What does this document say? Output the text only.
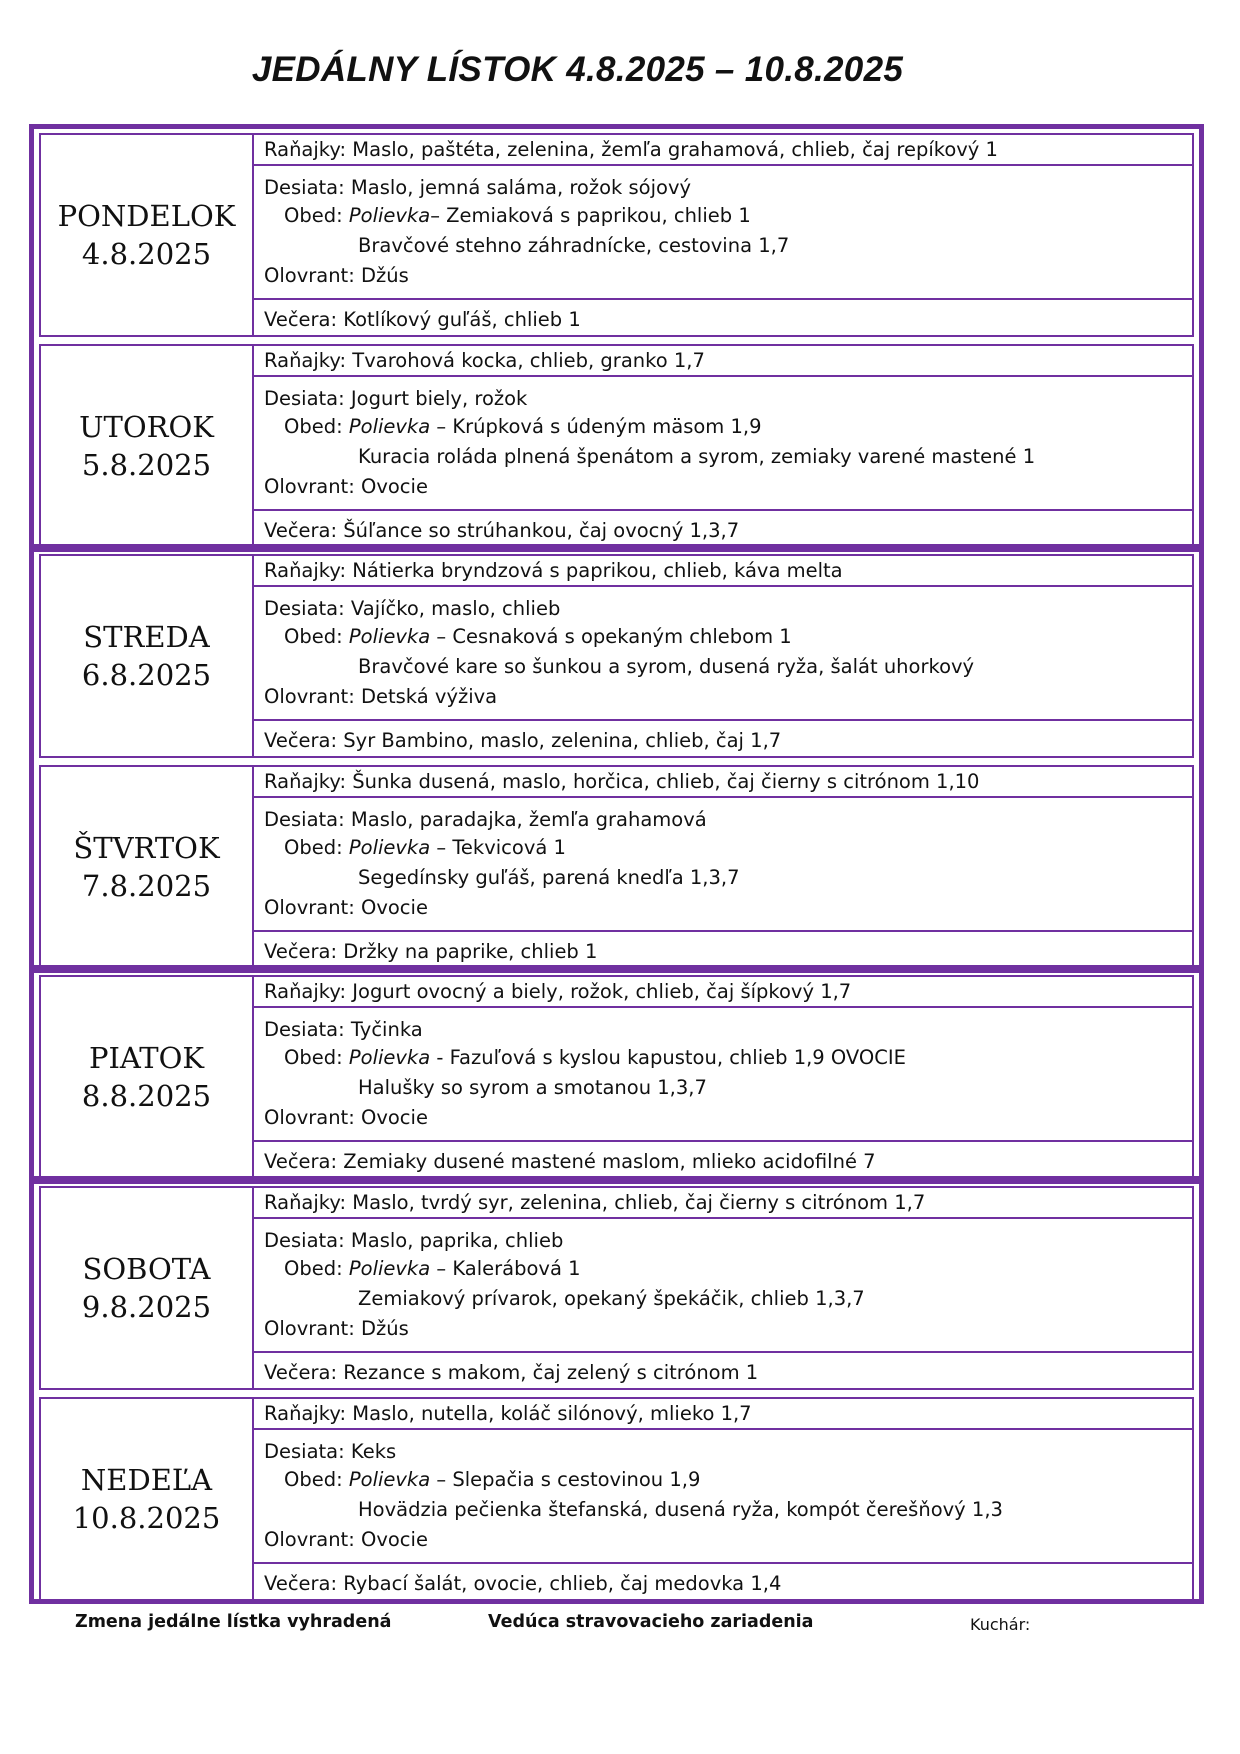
JEDÁLNY LÍSTOK 4.8.2025 – 10.8.2025
PONDELOK
4.8.2025
Raňajky: Maslo, paštéta, zelenina, žemľa grahamová, chlieb, čaj repíkový 1
Desiata: Maslo, jemná saláma, rožok sójový
Obed: Polievka– Zemiaková s paprikou, chlieb 1
Bravčové stehno záhradnícke, cestovina 1,7
Olovrant: Džús
Večera: Kotlíkový guľáš, chlieb 1
UTOROK
5.8.2025
Raňajky: Tvarohová kocka, chlieb, granko 1,7
Desiata: Jogurt biely, rožok
Obed: Polievka – Krúpková s údeným mäsom 1,9
Kuracia roláda plnená špenátom a syrom, zemiaky varené mastené 1
Olovrant: Ovocie
Večera: Šúľance so strúhankou, čaj ovocný 1,3,7
STREDA
6.8.2025
Raňajky: Nátierka bryndzová s paprikou, chlieb, káva melta
Desiata: Vajíčko, maslo, chlieb
Obed: Polievka – Cesnaková s opekaným chlebom 1
Bravčové kare so šunkou a syrom, dusená ryža, šalát uhorkový
Olovrant: Detská výživa
Večera: Syr Bambino, maslo, zelenina, chlieb, čaj 1,7
ŠTVRTOK
7.8.2025
Raňajky: Šunka dusená, maslo, horčica, chlieb, čaj čierny s citrónom 1,10
Desiata: Maslo, paradajka, žemľa grahamová
Obed: Polievka – Tekvicová 1
Segedínsky guľáš, parená knedľa 1,3,7
Olovrant: Ovocie
Večera: Držky na paprike, chlieb 1
PIATOK
8.8.2025
Raňajky: Jogurt ovocný a biely, rožok, chlieb, čaj šípkový 1,7
Desiata: Tyčinka
Obed: Polievka - Fazuľová s kyslou kapustou, chlieb 1,9 OVOCIE
Halušky so syrom a smotanou 1,3,7
Olovrant: Ovocie
Večera: Zemiaky dusené mastené maslom, mlieko acidofilné 7
SOBOTA
9.8.2025
Raňajky: Maslo, tvrdý syr, zelenina, chlieb, čaj čierny s citrónom 1,7
Desiata: Maslo, paprika, chlieb
Obed: Polievka – Kalerábová 1
Zemiakový prívarok, opekaný špekáčik, chlieb 1,3,7
Olovrant: Džús
Večera: Rezance s makom, čaj zelený s citrónom 1
NEDEĽA
10.8.2025
Raňajky: Maslo, nutella, koláč silónový, mlieko 1,7
Desiata: Keks
Obed: Polievka – Slepačia s cestovinou 1,9
Hovädzia pečienka štefanská, dusená ryža, kompót čerešňový 1,3
Olovrant: Ovocie
Večera: Rybací šalát, ovocie, chlieb, čaj medovka 1,4
Zmena jedálne lístka vyhradená	Vedúca stravovacieho zariadenia	Kuchár:
